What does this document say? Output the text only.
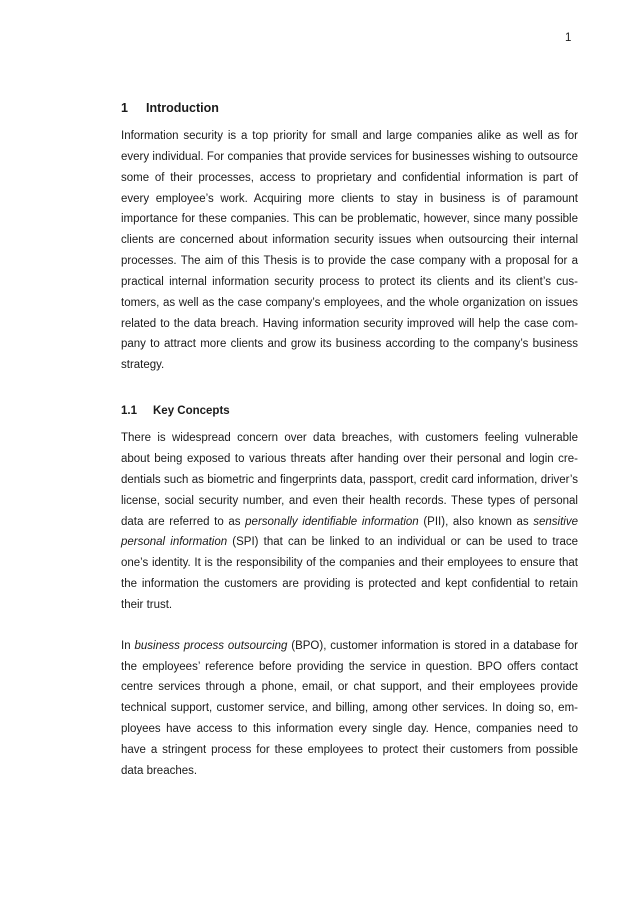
1
1 Introduction

Information security is a top priority for small and large companies alike as well as for every individual. For companies that provide services for businesses wishing to outsource some of their processes, access to proprietary and confidential information is part of every employee’s work. Acquiring more clients to stay in business is of paramount importance for these companies. This can be problematic, however, since many possible clients are concerned about information security issues when outsourcing their internal processes. The aim of this Thesis is to provide the case company with a proposal for a practical internal information security process to protect its clients and its client’s customers, as well as the case company’s employees, and the whole organization on issues related to the data breach. Having information security improved will help the case company to attract more clients and grow its business according to the company’s business strategy.

1.1 Key Concepts

There is widespread concern over data breaches, with customers feeling vulnerable about being exposed to various threats after handing over their personal and login credentials such as biometric and fingerprints data, passport, credit card information, driver’s license, social security number, and even their health records. These types of personal data are referred to as personally identifiable information (PII), also known as sensitive personal information (SPI) that can be linked to an individual or can be used to trace one’s identity. It is the responsibility of the companies and their employees to ensure that the information the customers are providing is protected and kept confidential to retain their trust.

In business process outsourcing (BPO), customer information is stored in a database for the employees’ reference before providing the service in question. BPO offers contact centre services through a phone, email, or chat support, and their employees provide technical support, customer service, and billing, among other services. In doing so, employees have access to this information every single day. Hence, companies need to have a stringent process for these employees to protect their customers from possible data breaches.
